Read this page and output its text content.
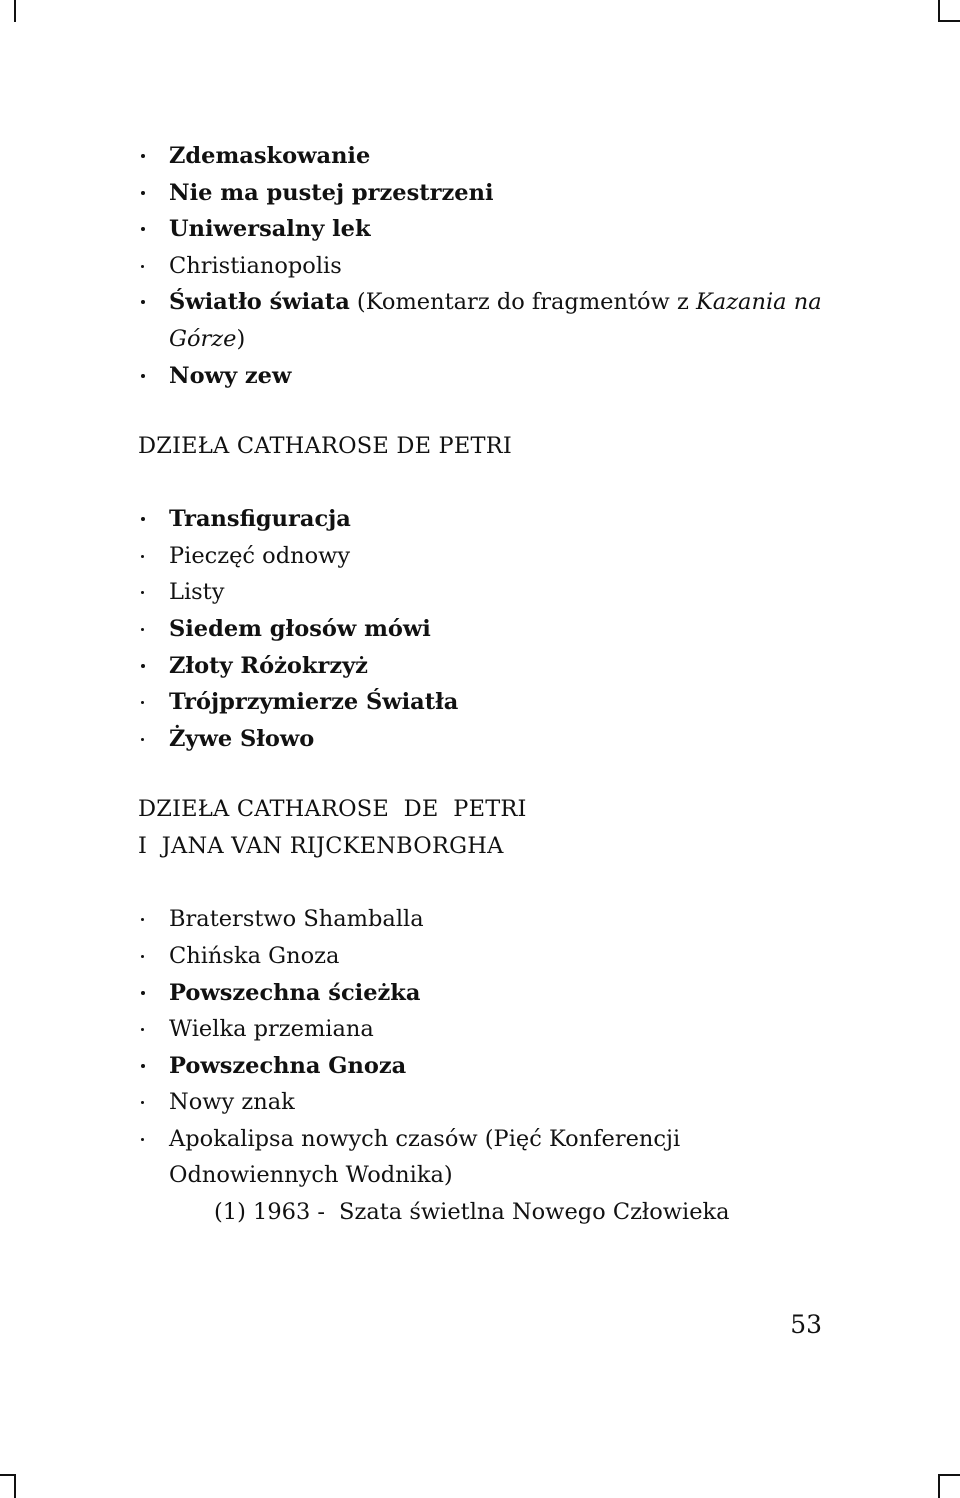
Zdemaskowanie
Nie ma pustej przestrzeni
Uniwersalny lek
Christianopolis
Światło świata (Komentarz do fragmentów z Kazania na Górze)
Nowy zew
DZIEŁA CATHAROSE DE PETRI
Transfiguracja
Pieczęć odnowy
Listy
Siedem głosów mówi
Złoty Różokrzyż
Trójprzymierze Światła
Żywe Słowo
DZIEŁA CATHAROSE  DE  PETRI
I  JANA VAN RIJCKENBORGHA
Braterstwo Shamballa
Chińska Gnoza
Powszechna ścieżka
Wielka przemiana
Powszechna Gnoza
Nowy znak
Apokalipsa nowych czasów (Pięć Konferencji Odnowiennych Wodnika)
(1) 1963 - Szata świetlna Nowego Człowieka
53
